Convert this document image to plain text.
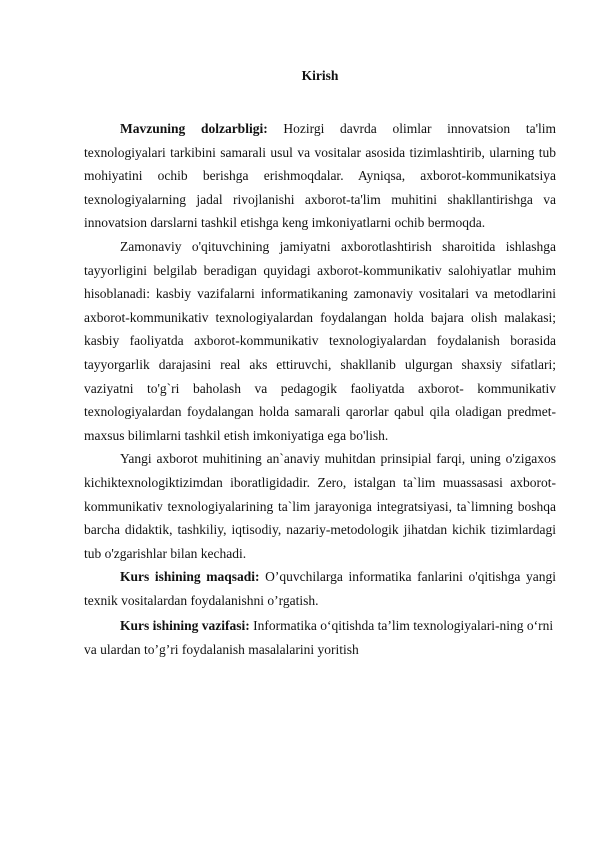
Kirish

Mavzuning dolzarbligi: Hozirgi davrda olimlar innovatsion ta'lim texnologiyalari tarkibini samarali usul va vositalar asosida tizimlashtirib, ularning tub mohiyatini ochib berishga erishmoqdalar. Ayniqsa, axborot-kommunikatsiya texnologiyalarning jadal rivojlanishi axborot-ta'lim muhitini shakllantirishga va innovatsion darslarni tashkil etishga keng imkoniyatlarni ochib bermoqda.

Zamonaviy o'qituvchining jamiyatni axborotlashtirish sharoitida ishlashga tayyorligini belgilab beradigan quyidagi axborot-kommunikativ salohiyatlar muhim hisoblanadi: kasbiy vazifalarni informatikaning zamonaviy vositalari va metodlarini axborot-kommunikativ texnologiyalardan foydalangan holda bajara olish malakasi; kasbiy faoliyatda axborot-kommunikativ texnologiyalardan foydalanish borasida tayyorgarlik darajasini real aks ettiruvchi, shakllanib ulgurgan shaxsiy sifatlari; vaziyatni to'g`ri baholash va pedagogik faoliyatda axborot- kommunikativ texnologiyalardan foydalangan holda samarali qarorlar qabul qila oladigan predmet-maxsus bilimlarni tashkil etish imkoniyatiga ega bo'lish.

Yangi axborot muhitining an`anaviy muhitdan prinsipial farqi, uning o'zigaxos kichiktexnologiktizimdan iboratligidadir. Zero, istalgan ta`lim muassasasi axborot-kommunikativ texnologiyalarining ta`lim jarayoniga integratsiyasi, ta`limning boshqa barcha didaktik, tashkiliy, iqtisodiy, nazariy-metodologik jihatdan kichik tizimlardagi tub o'zgarishlar bilan kechadi.

Kurs ishining maqsadi: O’quvchilarga informatika fanlarini o'qitishga yangi texnik vositalardan foydalanishni o’rgatish.

Kurs ishining vazifasi: Informatika o‘qitishda ta’lim texnologiyalari-ning o‘rni va ulardan to’g’ri foydalanish masalalarini yoritish
